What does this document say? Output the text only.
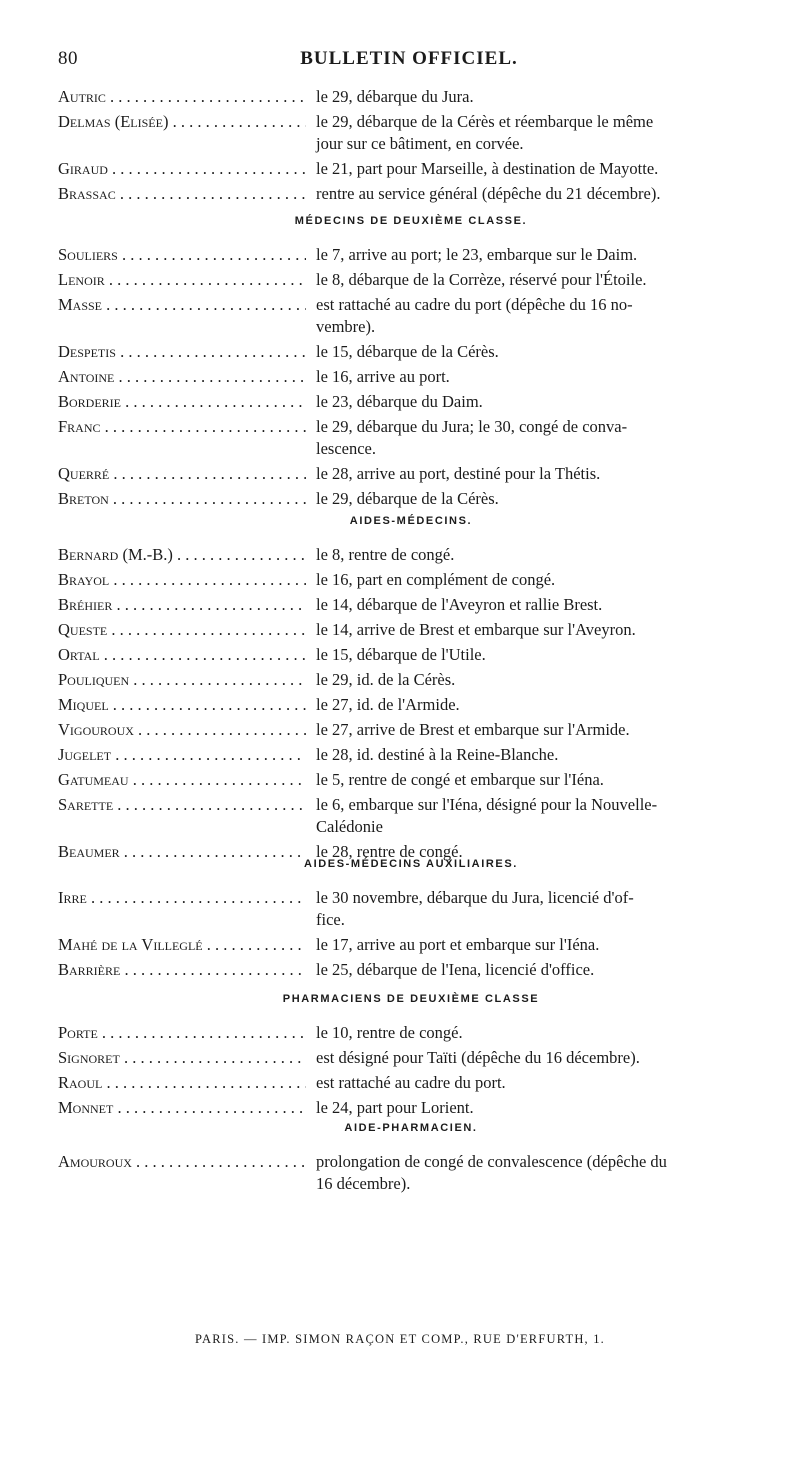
80	BULLETIN OFFICIEL.
Autric . . .	le 29, débarque du Jura.
Delmas (Elisée) . . .	le 29, débarque de la Cérès et réembarque le même
jour sur ce bâtiment, en corvée.
Giraud . . .	le 21, part pour Marseille, à destination de Mayotte.
Brassac . . .	rentre au service général (dépêche du 21 décembre).
MÉDECINS DE DEUXIÈME CLASSE.
Souliers . . .	le 7, arrive au port; le 23, embarque sur le Daim.
Lenoir . . .	le 8, débarque de la Corrèze, réservé pour l'Étoile.
Masse . . .	est rattaché au cadre du port (dépêche du 16 no-
vembre).
Despetis . . .	le 15, débarque de la Cérès.
Antoine . . .	le 16, arrive au port.
Borderie . . .	le 23, débarque du Daim.
Franc . . .	le 29, débarque du Jura; le 30, congé de conva-
lescence.
Querré . . .	le 28, arrive au port, destiné pour la Thétis.
Breton . . .	le 29, débarque de la Cérès.
AIDES-MÉDECINS.
Bernard (M.-B.) . . .	le 8, rentre de congé.
Brayol . . .	le 16, part en complément de congé.
Bréhier . . .	le 14, débarque de l'Aveyron et rallie Brest.
Queste . . .	le 14, arrive de Brest et embarque sur l'Aveyron.
Ortal . . .	le 15, débarque de l'Utile.
Pouliquen . . .	le 29, id. de la Cérès.
Miquel . . .	le 27, id. de l'Armide.
Vigouroux . . .	le 27, arrive de Brest et embarque sur l'Armide.
Jugelet . . .	le 28, id. destiné à la Reine-Blanche.
Gatumeau . . .	le 5, rentre de congé et embarque sur l'Iéna.
Sarette . . .	le 6, embarque sur l'Iéna, désigné pour la Nouvelle-
Calédonie
Beaumer . . .	le 28, rentre de congé.
AIDES-MÉDECINS AUXILIAIRES.
Irre . . .	le 30 novembre, débarque du Jura, licencié d'of-
fice.
Mahé de la Villeglé . . .	le 17, arrive au port et embarque sur l'Iéna.
Barrière . . .	le 25, débarque de l'Iena, licencié d'office.
PHARMACIENS DE DEUXIÈME CLASSE
Porte . . .	le 10, rentre de congé.
Signoret . . .	est désigné pour Taïti (dépêche du 16 décembre).
Raoul . . .	est rattaché au cadre du port.
Monnet . . .	le 24, part pour Lorient.
AIDE-PHARMACIEN.
Amouroux . . .	prolongation de congé de convalescence (dépêche du
16 décembre).
PARIS. — IMP. SIMON RAÇON ET COMP., RUE D'ERFURTH, 1.
